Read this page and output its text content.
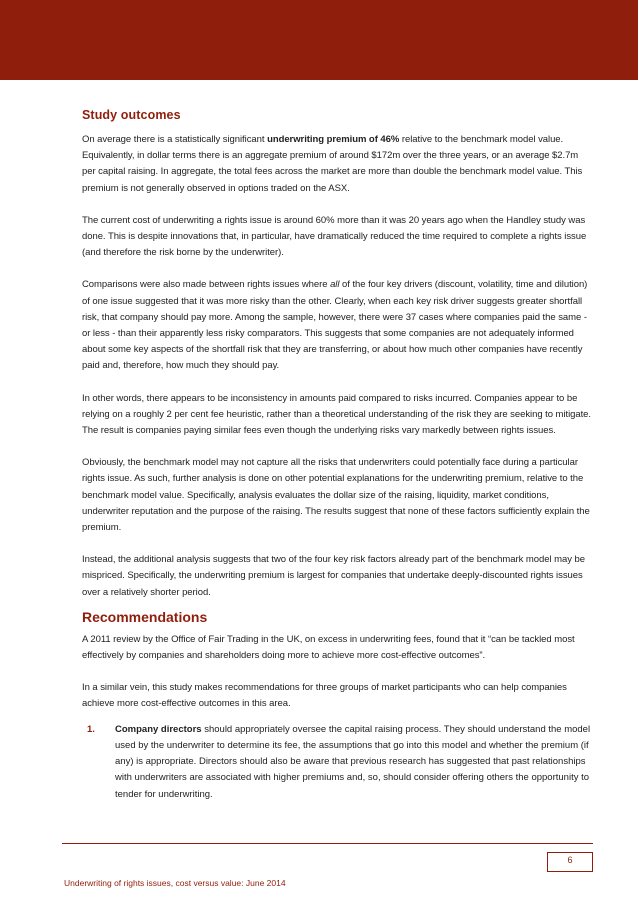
Study outcomes

On average there is a statistically significant underwriting premium of 46% relative to the benchmark model value. Equivalently, in dollar terms there is an aggregate premium of around $172m over the three years, or an average $2.7m per capital raising. In aggregate, the total fees across the market are more than double the benchmark model value. This premium is not generally observed in options traded on the ASX.

The current cost of underwriting a rights issue is around 60% more than it was 20 years ago when the Handley study was done. This is despite innovations that, in particular, have dramatically reduced the time required to complete a rights issue (and therefore the risk borne by the underwriter).

Comparisons were also made between rights issues where all of the four key drivers (discount, volatility, time and dilution) of one issue suggested that it was more risky than the other. Clearly, when each key risk driver suggests greater shortfall risk, that company should pay more. Among the sample, however, there were 37 cases where companies paid the same - or less - than their apparently less risky comparators. This suggests that some companies are not adequately informed about some key aspects of the shortfall risk that they are transferring, or about how much other companies have recently paid and, therefore, how much they should pay.

In other words, there appears to be inconsistency in amounts paid compared to risks incurred. Companies appear to be relying on a roughly 2 per cent fee heuristic, rather than a theoretical understanding of the risk they are seeking to mitigate. The result is companies paying similar fees even though the underlying risks vary markedly between rights issues.

Obviously, the benchmark model may not capture all the risks that underwriters could potentially face during a particular rights issue. As such, further analysis is done on other potential explanations for the underwriting premium, relative to the benchmark model value. Specifically, analysis evaluates the dollar size of the raising, liquidity, market conditions, underwriter reputation and the purpose of the raising. The results suggest that none of these factors sufficiently explain the premium.

Instead, the additional analysis suggests that two of the four key risk factors already part of the benchmark model may be mispriced. Specifically, the underwriting premium is largest for companies that undertake deeply-discounted rights issues over a relatively shorter period.

Recommendations

A 2011 review by the Office of Fair Trading in the UK, on excess in underwriting fees, found that it “can be tackled most effectively by companies and shareholders doing more to achieve more cost-effective outcomes”.

In a similar vein, this study makes recommendations for three groups of market participants who can help companies achieve more cost-effective outcomes in this area.

1. Company directors should appropriately oversee the capital raising process. They should understand the model used by the underwriter to determine its fee, the assumptions that go into this model and whether the premium (if any) is appropriate. Directors should also be aware that previous research has suggested that past relationships with underwriters are associated with higher premiums and, so, should consider offering others the opportunity to tender for underwriting.
6
Underwriting of rights issues, cost versus value: June 2014
